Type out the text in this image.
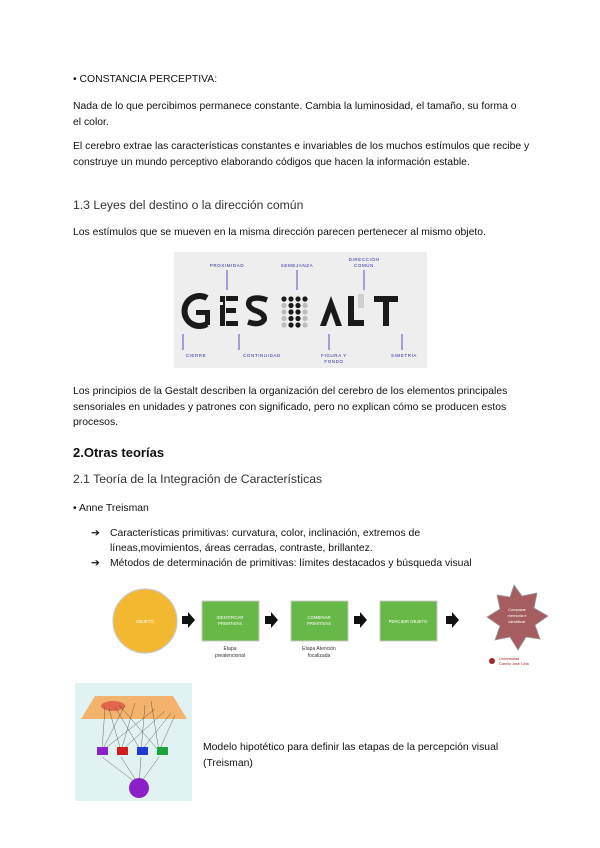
• CONSTANCIA PERCEPTIVA:

Nada de lo que percibimos permanece constante. Cambia la luminosidad, el tamaño, su forma o el color.

El cerebro extrae las características constantes e invariables de los muchos estímulos que recibe y construye un mundo perceptivo elaborando códigos que hacen la información estable.

1.3 Leyes del destino o la dirección común

Los estímulos que se mueven en la misma dirección parecen pertenecer al mismo objeto.

PROXIMIDAD	SEMEJANZA
DIRECCIÓN
COMÚN
CIERRE	CONTINUIDAD	FIGURA Y
FONDO
SIMETRÍA

Los principios de la Gestalt describen la organización del cerebro de los elementos principales sensoriales en unidades y patrones con significado, pero no explican cómo se producen estos procesos.

2.Otras teorías

2.1 Teoría de la Integración de Características

• Anne Treisman

➔ Características primitivas: curvatura, color, inclinación, extremos de líneas,movimientos, áreas cerradas, contraste, brillantez.
➔ Métodos de determinación de primitivas: límites destacados y búsqueda visual
OBJETO
IDENTIFICAR
PRIMITIVAS
COMBINAR
PRIMITIVAS	PERCIBIR OBJETO
Comparar
memoria e
identificar
Etapa
preatencional
Etapa Atención
focalizada	Universidad
Camilo José Cela

Modelo hipotético para definir las etapas de la percepción visual (Treisman)
